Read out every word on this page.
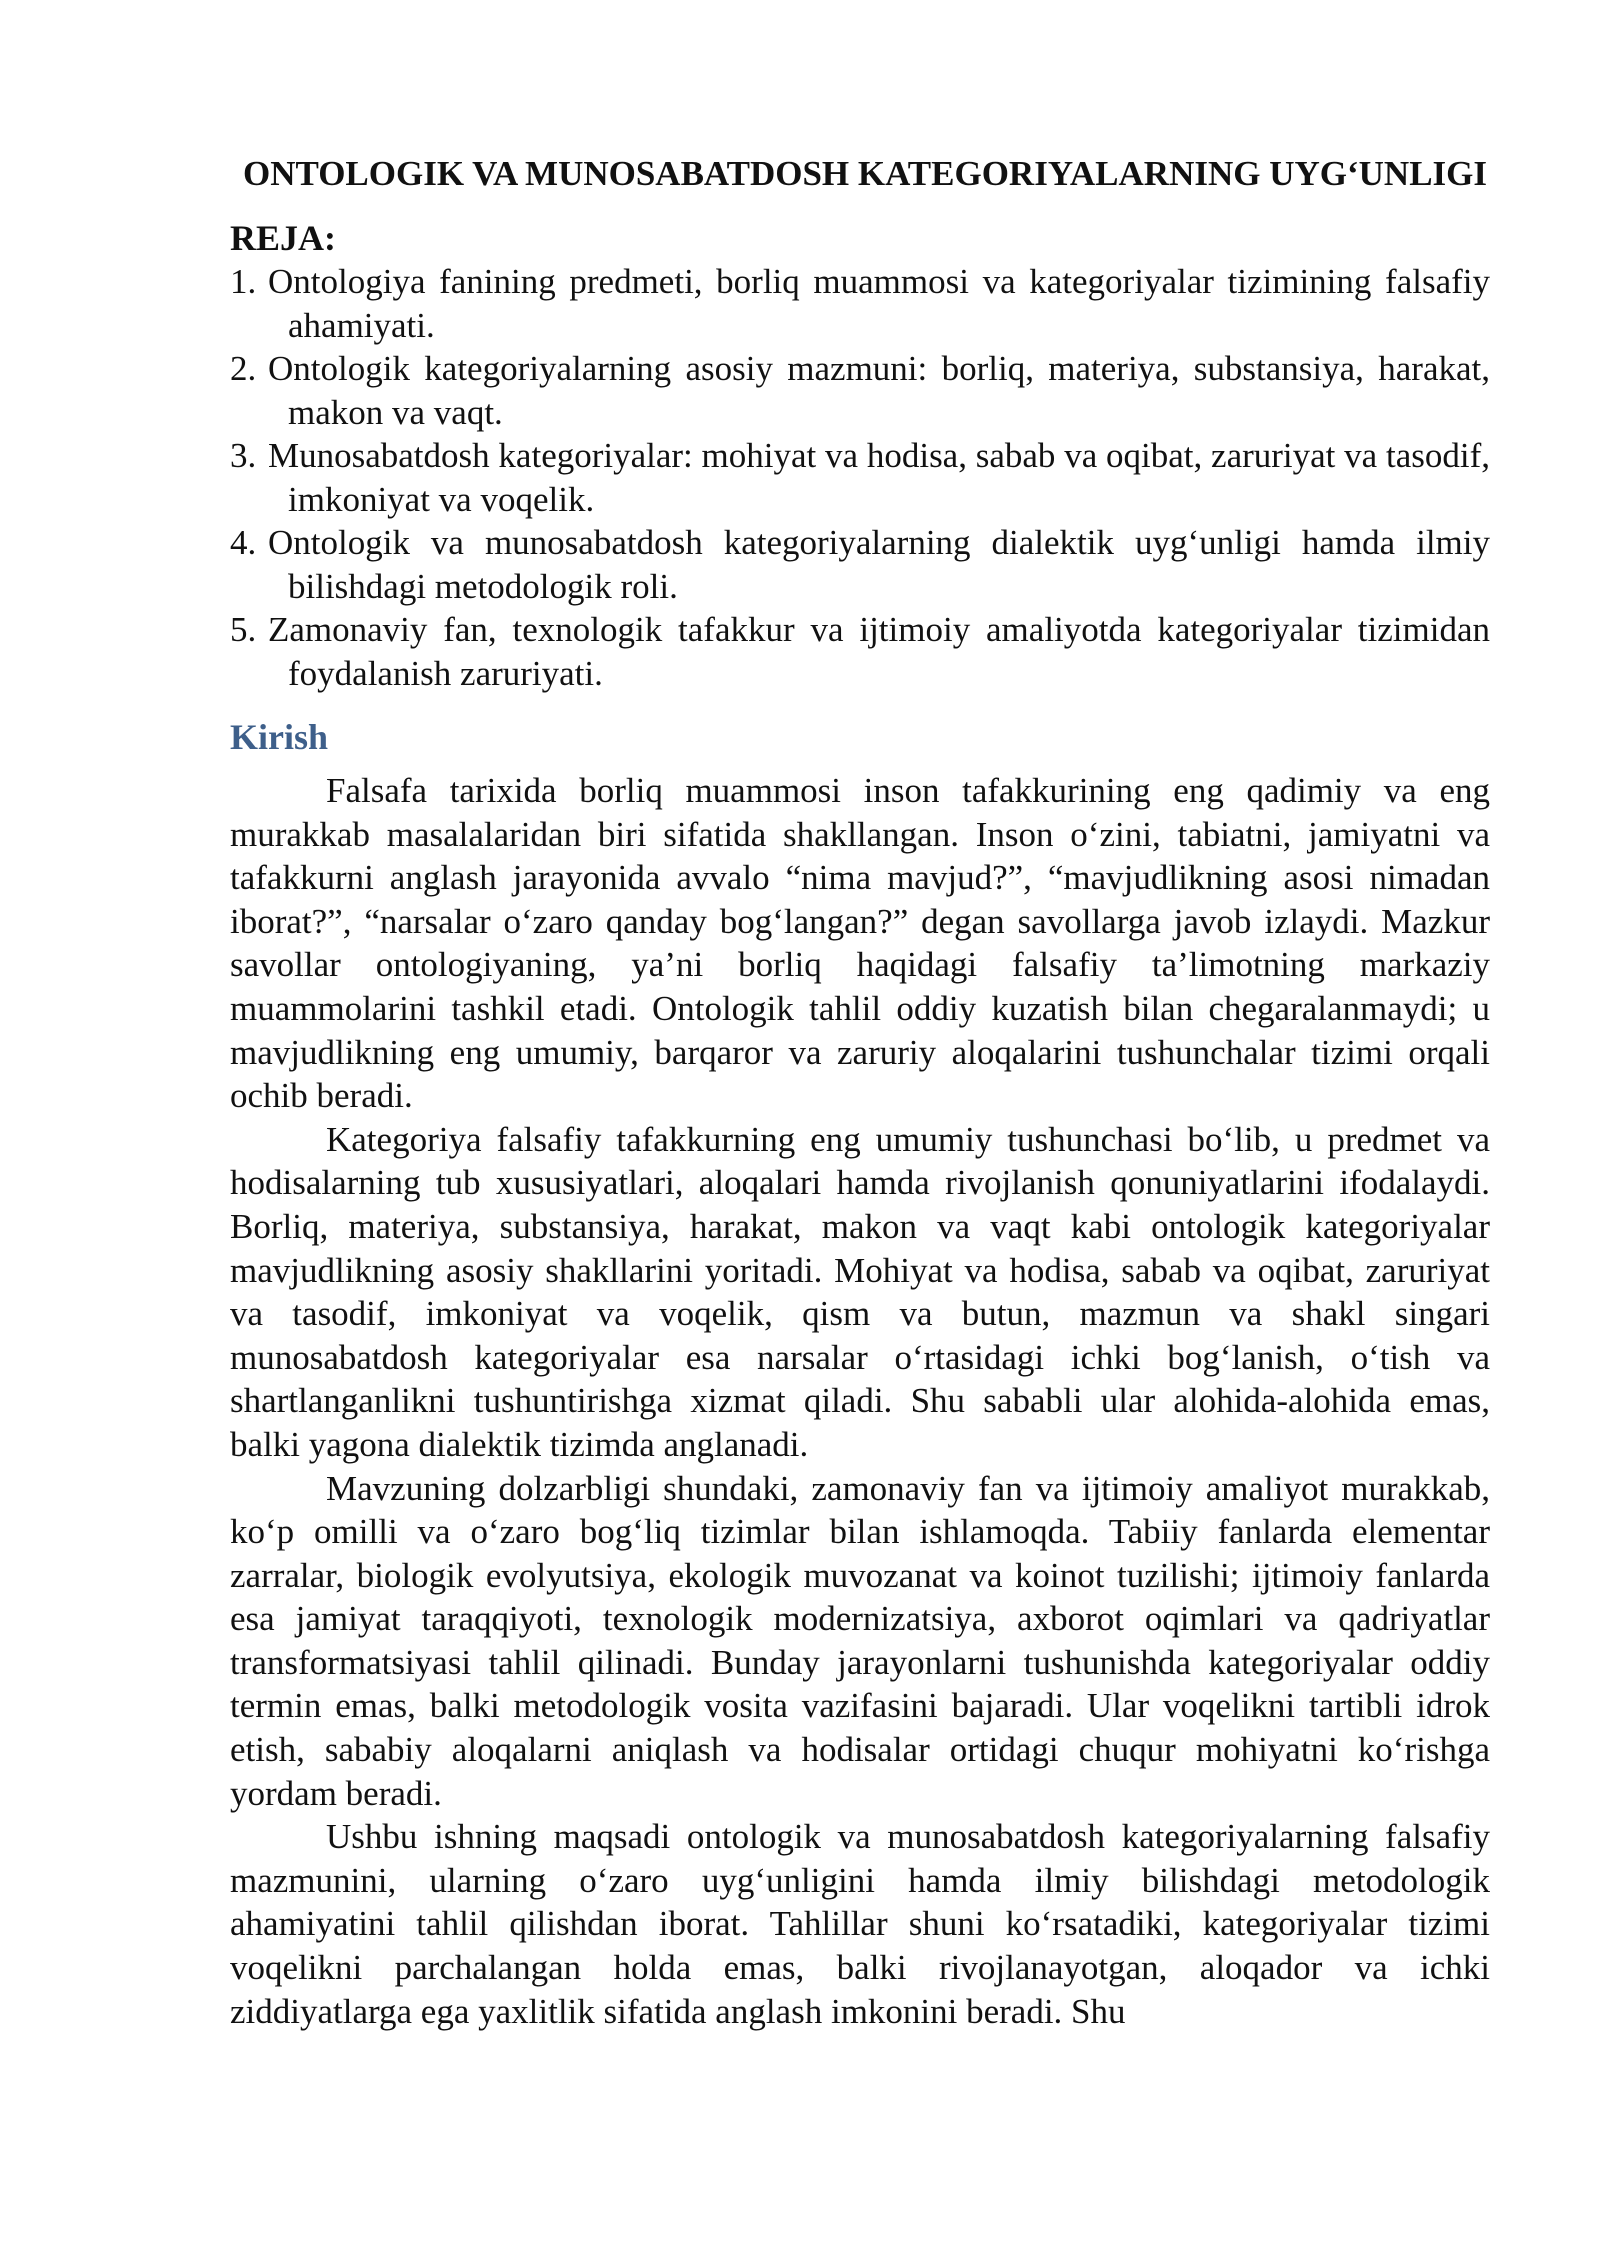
ONTOLOGIK VA MUNOSABATDOSH KATEGORIYALARNING UYG‘UNLIGI
REJA:
1. Ontologiya fanining predmeti, borliq muammosi va kategoriyalar tizimining falsafiy ahamiyati.
2. Ontologik kategoriyalarning asosiy mazmuni: borliq, materiya, substansiya, harakat, makon va vaqt.
3. Munosabatdosh kategoriyalar: mohiyat va hodisa, sabab va oqibat, zaruriyat va tasodif, imkoniyat va voqelik.
4. Ontologik va munosabatdosh kategoriyalarning dialektik uyg‘unligi hamda ilmiy bilishdagi metodologik roli.
5. Zamonaviy fan, texnologik tafakkur va ijtimoiy amaliyotda kategoriyalar tizimidan foydalanish zaruriyati.
Kirish

Falsafa tarixida borliq muammosi inson tafakkurining eng qadimiy va eng murakkab masalalaridan biri sifatida shakllangan. Inson o‘zini, tabiatni, jamiyatni va tafakkurni anglash jarayonida avvalo “nima mavjud?”, “mavjudlikning asosi nimadan iborat?”, “narsalar o‘zaro qanday bog‘langan?” degan savollarga javob izlaydi. Mazkur savollar ontologiyaning, ya’ni borliq haqidagi falsafiy ta’limotning markaziy muammolarini tashkil etadi. Ontologik tahlil oddiy kuzatish bilan chegaralanmaydi; u mavjudlikning eng umumiy, barqaror va zaruriy aloqalarini tushunchalar tizimi orqali ochib beradi.

Kategoriya falsafiy tafakkurning eng umumiy tushunchasi bo‘lib, u predmet va hodisalarning tub xususiyatlari, aloqalari hamda rivojlanish qonuniyatlarini ifodalaydi. Borliq, materiya, substansiya, harakat, makon va vaqt kabi ontologik kategoriyalar mavjudlikning asosiy shakllarini yoritadi. Mohiyat va hodisa, sabab va oqibat, zaruriyat va tasodif, imkoniyat va voqelik, qism va butun, mazmun va shakl singari munosabatdosh kategoriyalar esa narsalar o‘rtasidagi ichki bog‘lanish, o‘tish va shartlanganlikni tushuntirishga xizmat qiladi. Shu sababli ular alohida-alohida emas, balki yagona dialektik tizimda anglanadi.

Mavzuning dolzarbligi shundaki, zamonaviy fan va ijtimoiy amaliyot murakkab, ko‘p omilli va o‘zaro bog‘liq tizimlar bilan ishlamoqda. Tabiiy fanlarda elementar zarralar, biologik evolyutsiya, ekologik muvozanat va koinot tuzilishi; ijtimoiy fanlarda esa jamiyat taraqqiyoti, texnologik modernizatsiya, axborot oqimlari va qadriyatlar transformatsiyasi tahlil qilinadi. Bunday jarayonlarni tushunishda kategoriyalar oddiy termin emas, balki metodologik vosita vazifasini bajaradi. Ular voqelikni tartibli idrok etish, sababiy aloqalarni aniqlash va hodisalar ortidagi chuqur mohiyatni ko‘rishga yordam beradi.

Ushbu ishning maqsadi ontologik va munosabatdosh kategoriyalarning falsafiy mazmunini, ularning o‘zaro uyg‘unligini hamda ilmiy bilishdagi metodologik ahamiyatini tahlil qilishdan iborat. Tahlillar shuni ko‘rsatadiki, kategoriyalar tizimi voqelikni parchalangan holda emas, balki rivojlanayotgan, aloqador va ichki ziddiyatlarga ega yaxlitlik sifatida anglash imkonini beradi. Shu
